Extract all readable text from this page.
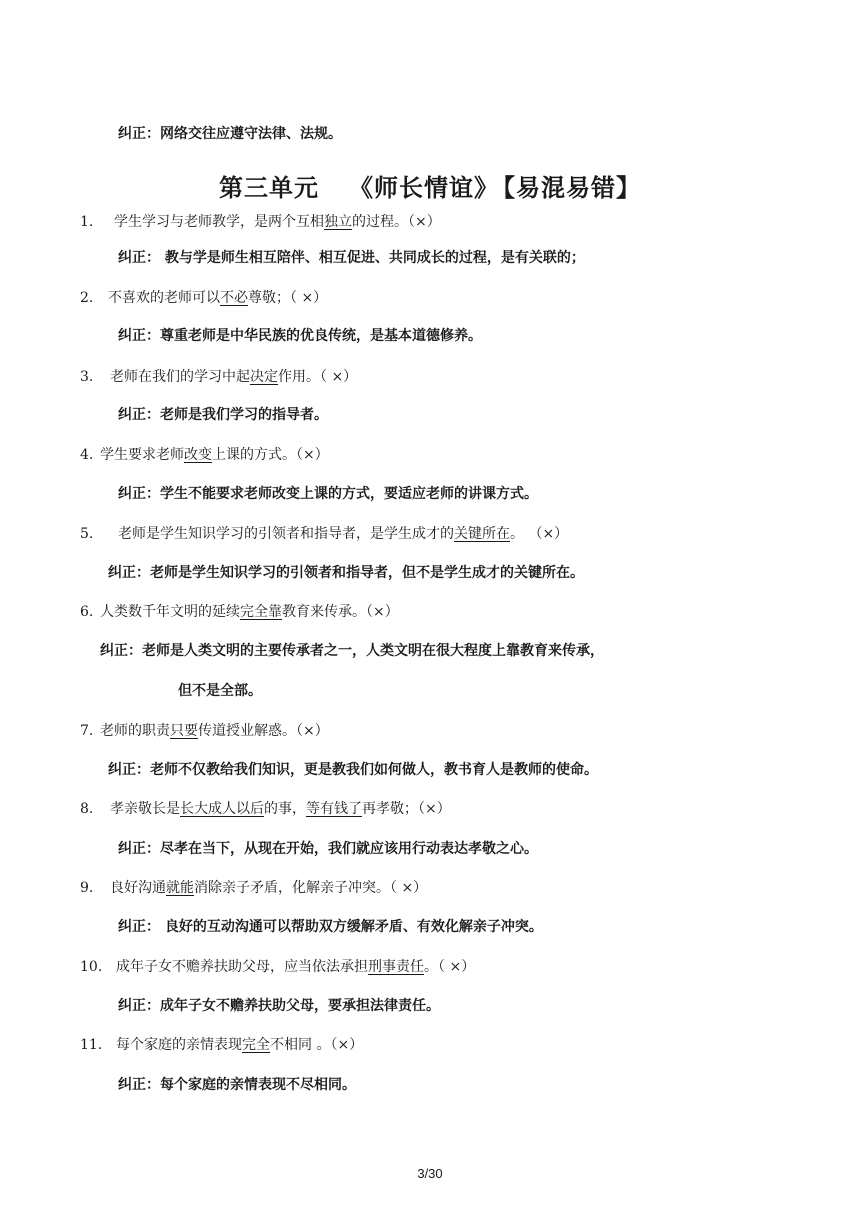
纠正：网络交往应遵守法律、法规。
第三单元 《师长情谊》 【易混易错】
1. 学生学习与老师教学，是两个互相独立的过程。（×）
纠正： 教与学是师生相互陪伴、相互促进、共同成长的过程，是有关联的；
2. 不喜欢的老师可以不必尊敬；（ ×）
纠正：尊重老师是中华民族的优良传统，是基本道德修养。
3. 老师在我们的学习中起决定作用。（ ×）
纠正：老师是我们学习的指导者。
4. 学生要求老师改变上课的方式。（×）
纠正：学生不能要求老师改变上课的方式，要适应老师的讲课方式。
5. 老师是学生知识学习的引领者和指导者，是学生成才的关键所在。 （×）
纠正：老师是学生知识学习的引领者和指导者，但不是学生成才的关键所在。
6. 人类数千年文明的延续完全靠教育来传承。（×）
纠正：老师是人类文明的主要传承者之一，人类文明在很大程度上靠教育来传承，
但不是全部。
7. 老师的职责只要传道授业解惑。（×）
纠正：老师不仅教给我们知识，更是教我们如何做人，教书育人是教师的使命。
8. 孝亲敬长是长大成人以后的事，等有钱了再孝敬；（×）
纠正：尽孝在当下，从现在开始，我们就应该用行动表达孝敬之心。
9. 良好沟通就能消除亲子矛盾，化解亲子冲突。（ ×）
纠正： 良好的互动沟通可以帮助双方缓解矛盾、有效化解亲子冲突。
10. 成年子女不赡养扶助父母，应当依法承担刑事责任。（ ×）
纠正：成年子女不赡养扶助父母，要承担法律责任。
11. 每个家庭的亲情表现完全不相同 。（×）
纠正：每个家庭的亲情表现不尽相同。
3/30
